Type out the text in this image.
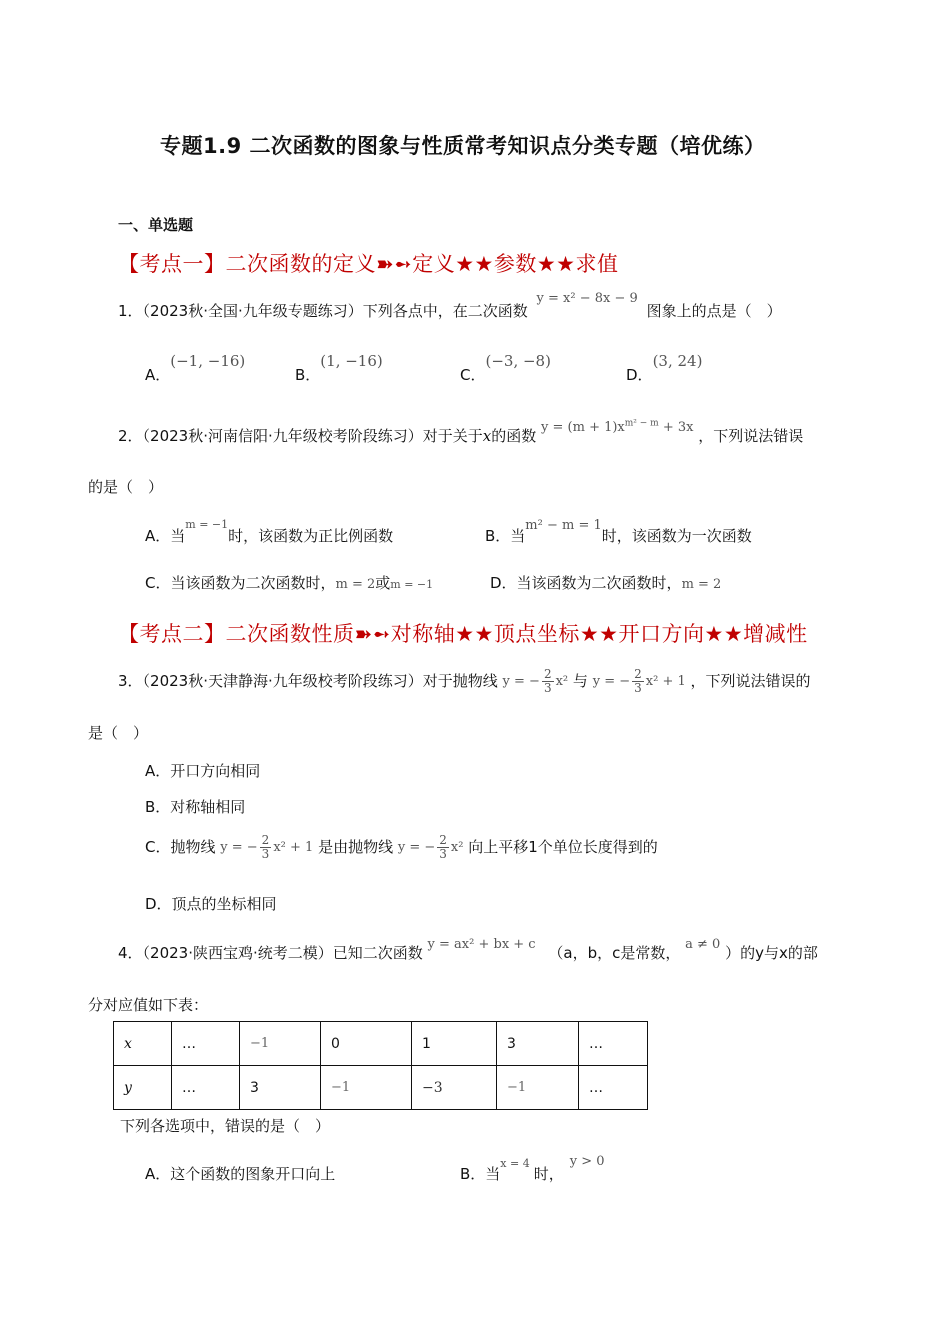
专题1.9 二次函数的图象与性质常考知识点分类专题（培优练）
一、单选题
【考点一】二次函数的定义➽➻定义★★参数★★求值
1．（2023秋·全国·九年级专题练习）下列各点中，在二次函数 y = x² − 8x − 9 图象上的点是（　）
A．(−1, −16)
B．(1, −16)
C．(−3, −8)
D．(3, 24)
2．（2023秋·河南信阳·九年级校考阶段练习）对于关于x的函数 $y = (m + 1)x^{m^2 - m} + 3x$ ，下列说法错误
的是（　）
A．当$^{m = -1}$时，该函数为正比例函数	B．当m² − m = 1时，该函数为一次函数
C．当该函数为二次函数时，m = 2或m = −1	D．当该函数为二次函数时，m = 2
【考点二】二次函数性质➽➻对称轴★★顶点坐标★★开口方向★★增减性
3．（2023秋·天津静海·九年级校考阶段练习）对于抛物线 y = − $\frac{2}{3} x^2$ 与 y = − $\frac{2}{3} x^2 + 1$ ，下列说法错误的
是（　）
A．开口方向相同
B．对称轴相同
C．抛物线 y = − $\frac{2}{3} x^2 + 1$ 是由抛物线 y = − $\frac{2}{3} x^2$ 向上平移1个单位长度得到的
D．顶点的坐标相同
4．（2023·陕西宝鸡·统考二模）已知二次函数 y = ax² + bx + c （a，b，c是常数， a ≠ 0 ）的y与x的部
分对应值如下表：
x	…	−1	0	1	3	…
y	…	3	−1	−3	−1	…
下列各选项中，错误的是（　）
A．这个函数的图象开口向上	B．当$^{x = 4}$时，y > 0
